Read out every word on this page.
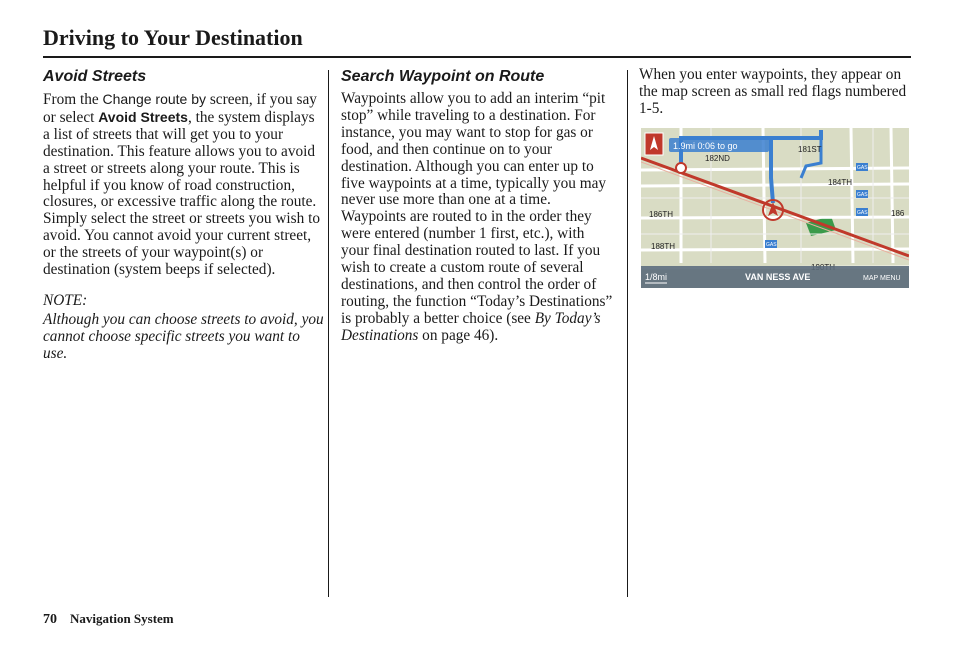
Driving to Your Destination
Avoid Streets

From the Change route by screen, if you say or select Avoid Streets, the system displays a list of streets that will get you to your destination. This feature allows you to avoid a street or streets along your route. This is helpful if you know of road construction, closures, or excessive traffic along the route. Simply select the street or streets you wish to avoid. You cannot avoid your current street, or the streets of your waypoint(s) or destination (system beeps if selected).

NOTE:

Although you can choose streets to avoid, you cannot choose specific streets you want to use.

Search Waypoint on Route

Waypoints allow you to add an interim “pit stop” while traveling to a destination. For instance, you may want to stop for gas or food, and then continue on to your destination. Although you can enter up to five waypoints at a time, typically you may never use more than one at a time. Waypoints are routed to in the order they were entered (number 1 first, etc.), with your final destination routed to last. If you wish to create a custom route of several destinations, and then control the order of routing, the function “Today’s Destinations” is probably a better choice (see By Today’s Destinations on page 46).

When you enter waypoints, they appear on the map screen as small red flags numbered 1-5.

1.9mi 0:06 to go	181ST
182ND
184TH
186TH	186
188TH
GAS
GAS
GAS
GAS
1/8mi	VAN NESS AVE	MAP MENU
70 Navigation System
